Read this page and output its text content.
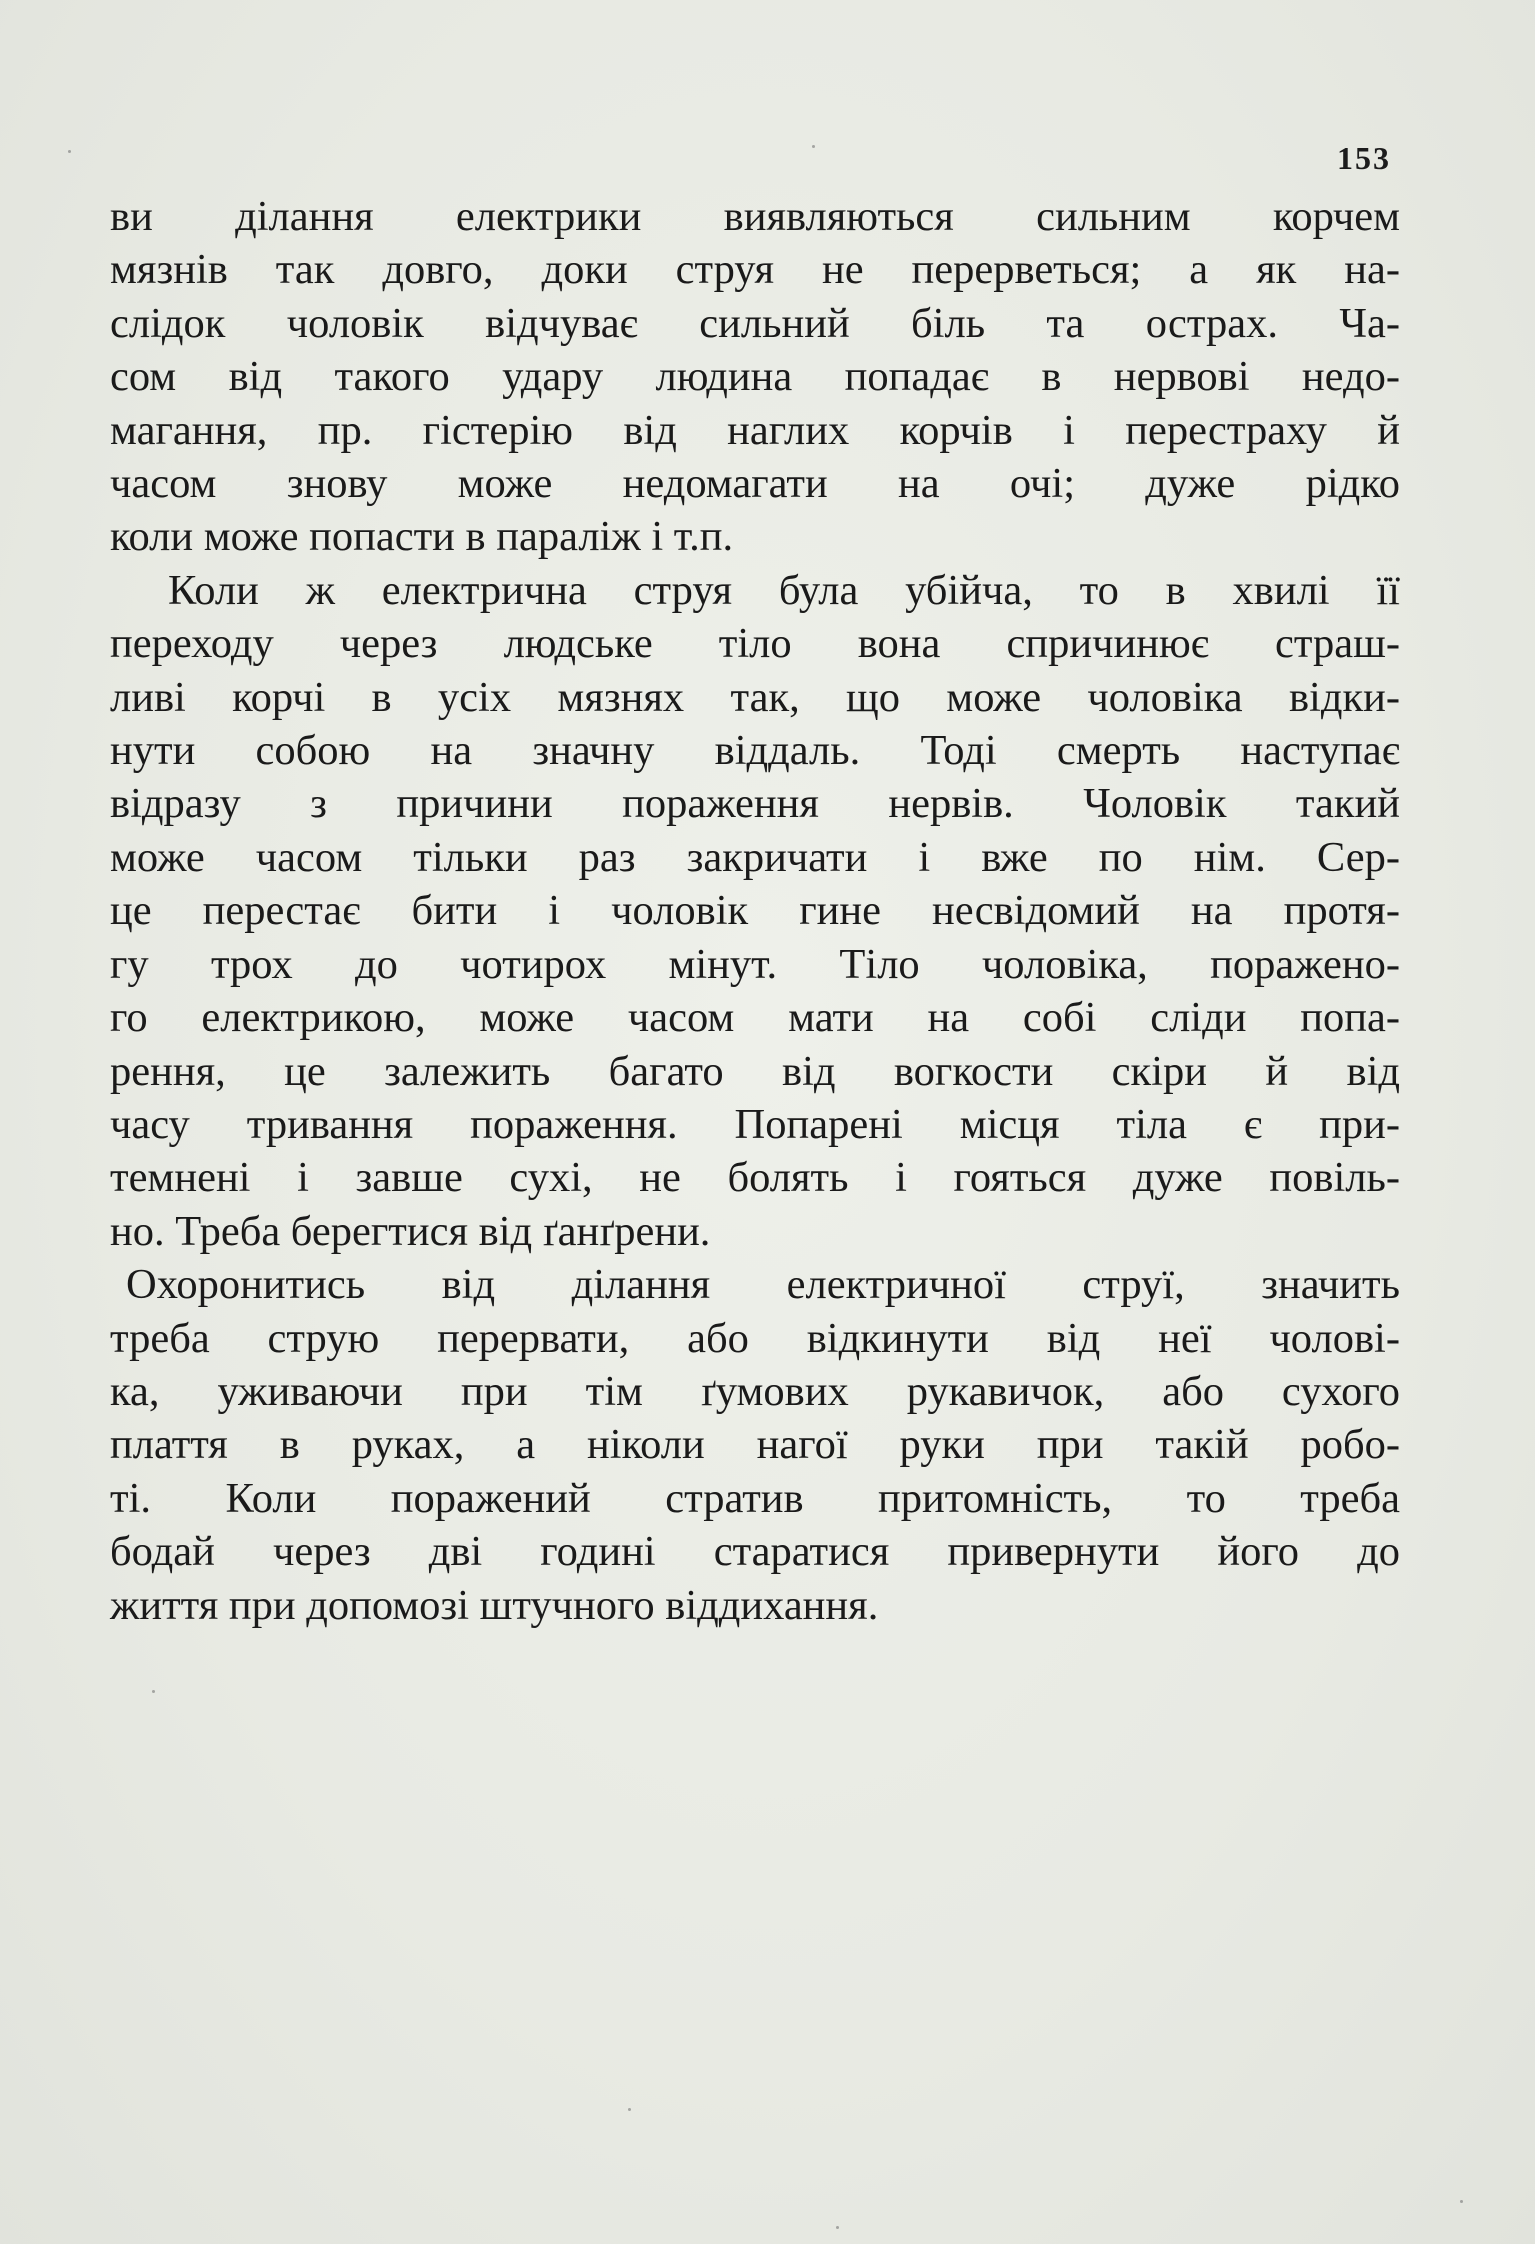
153
ви ділання електрики виявляються сильним корчем
мязнів так довго, доки струя не перерветься; а як на-
слідок чоловік відчуває сильний біль та острах. Ча-
сом від такого удару людина попадає в нервові недо-
магання, пр. гістерію від наглих корчів і перестраху й
часом знову може недомагати на очі; дуже рідко
коли може попасти в параліж і т.п.
Коли ж електрична струя була убійча, то в хвилі її
переходу через людське тіло вона спричинює страш-
ливі корчі в усіх мязнях так, що може чоловіка відки-
нути собою на значну віддаль. Тоді смерть наступає
відразу з причини пораження нервів. Чоловік такий
може часом тільки раз закричати і вже по нім. Сер-
це перестає бити і чоловік гине несвідомий на протя-
гу трох до чотирох мінут. Тіло чоловіка, поражено-
го електрикою, може часом мати на собі сліди попа-
рення, це залежить багато від вогкости скіри й від
часу тривання пораження. Попарені місця тіла є при-
темнені і завше сухі, не болять і гояться дуже повіль-
но. Треба берегтися від ґанґрени.
Охоронитись від ділання електричної струї, значить
треба струю перервати, або відкинути від неї чолові-
ка, уживаючи при тім ґумових рукавичок, або сухого
плаття в руках, а ніколи нагої руки при такій робо-
ті. Коли поражений стратив притомність, то треба
бодай через дві годині старатися привернути його до
життя при допомозі штучного віддихання.
